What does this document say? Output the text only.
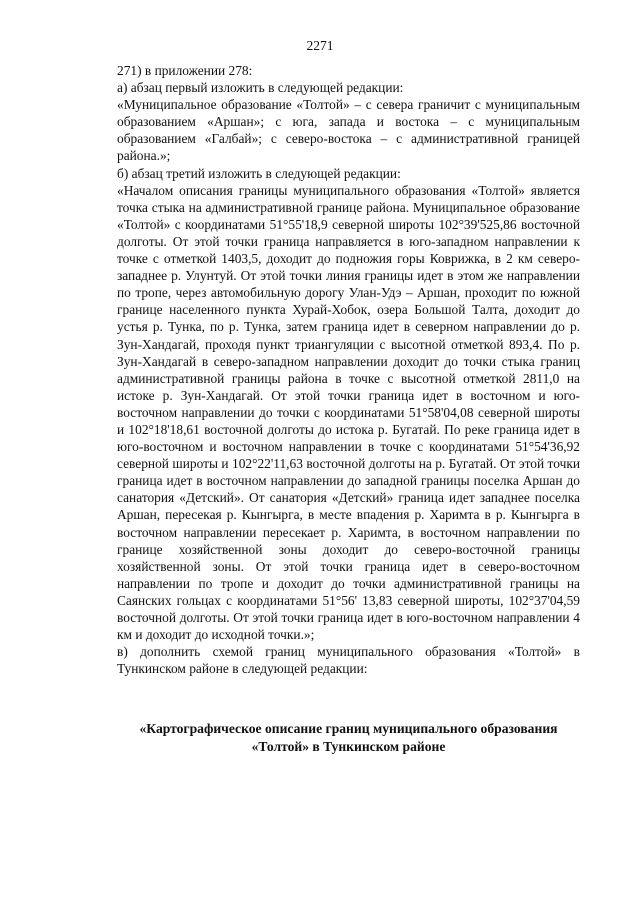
2271

271) в приложении 278:

а) абзац первый изложить в следующей редакции:

«Муниципальное образование «Толтой» – с севера граничит с муниципальным образованием «Аршан»; с юга, запада и востока – с муниципальным образованием «Галбай»; с северо-востока – с административной границей района.»;

б) абзац третий изложить в следующей редакции:

«Началом описания границы муниципального образования «Толтой» является точка стыка на административной границе района. Муниципальное образование «Толтой» с координатами 51°55'18,9 северной широты 102°39'525,86 восточной долготы. От этой точки граница направляется в юго-западном направлении к точке с отметкой 1403,5, доходит до подножия горы Коврижка, в 2 км северо-западнее р. Улунтуй. От этой точки линия границы идет в этом же направлении по тропе, через автомобильную дорогу Улан-Удэ – Аршан, проходит по южной границе населенного пункта Хурай-Хобок, озера Большой Талта, доходит до устья р. Тунка, по р. Тунка, затем граница идет в северном направлении до р. Зун-Хандагай, проходя пункт триангуляции с высотной отметкой 893,4. По р. Зун-Хандагай в северо-западном направлении доходит до точки стыка границ административной границы района в точке с высотной отметкой 2811,0 на истоке р. Зун-Хандагай. От этой точки граница идет в восточном и юго-восточном направлении до точки с координатами 51°58'04,08 северной широты и 102°18'18,61 восточной долготы до истока р. Бугатай. По реке граница идет в юго-восточном и восточном направлении в точке с координатами 51°54'36,92 северной широты и 102°22'11,63 восточной долготы на р. Бугатай. От этой точки граница идет в восточном направлении до западной границы поселка Аршан до санатория «Детский». От санатория «Детский» граница идет западнее поселка Аршан, пересекая р. Кынгырга, в месте впадения р. Харимта в р. Кынгырга в восточном направлении пересекает р. Харимта, в восточном направлении по границе хозяйственной зоны доходит до северо-восточной границы хозяйственной зоны. От этой точки граница идет в северо-восточном направлении по тропе и доходит до точки административной границы на Саянских гольцах с координатами 51°56' 13,83 северной широты, 102°37'04,59 восточной долготы. От этой точки граница идет в юго-восточном направлении 4 км и доходит до исходной точки.»;

в) дополнить схемой границ муниципального образования «Толтой» в Тункинском районе в следующей редакции:

«Картографическое описание границ муниципального образования
«Толтой» в Тункинском районе
